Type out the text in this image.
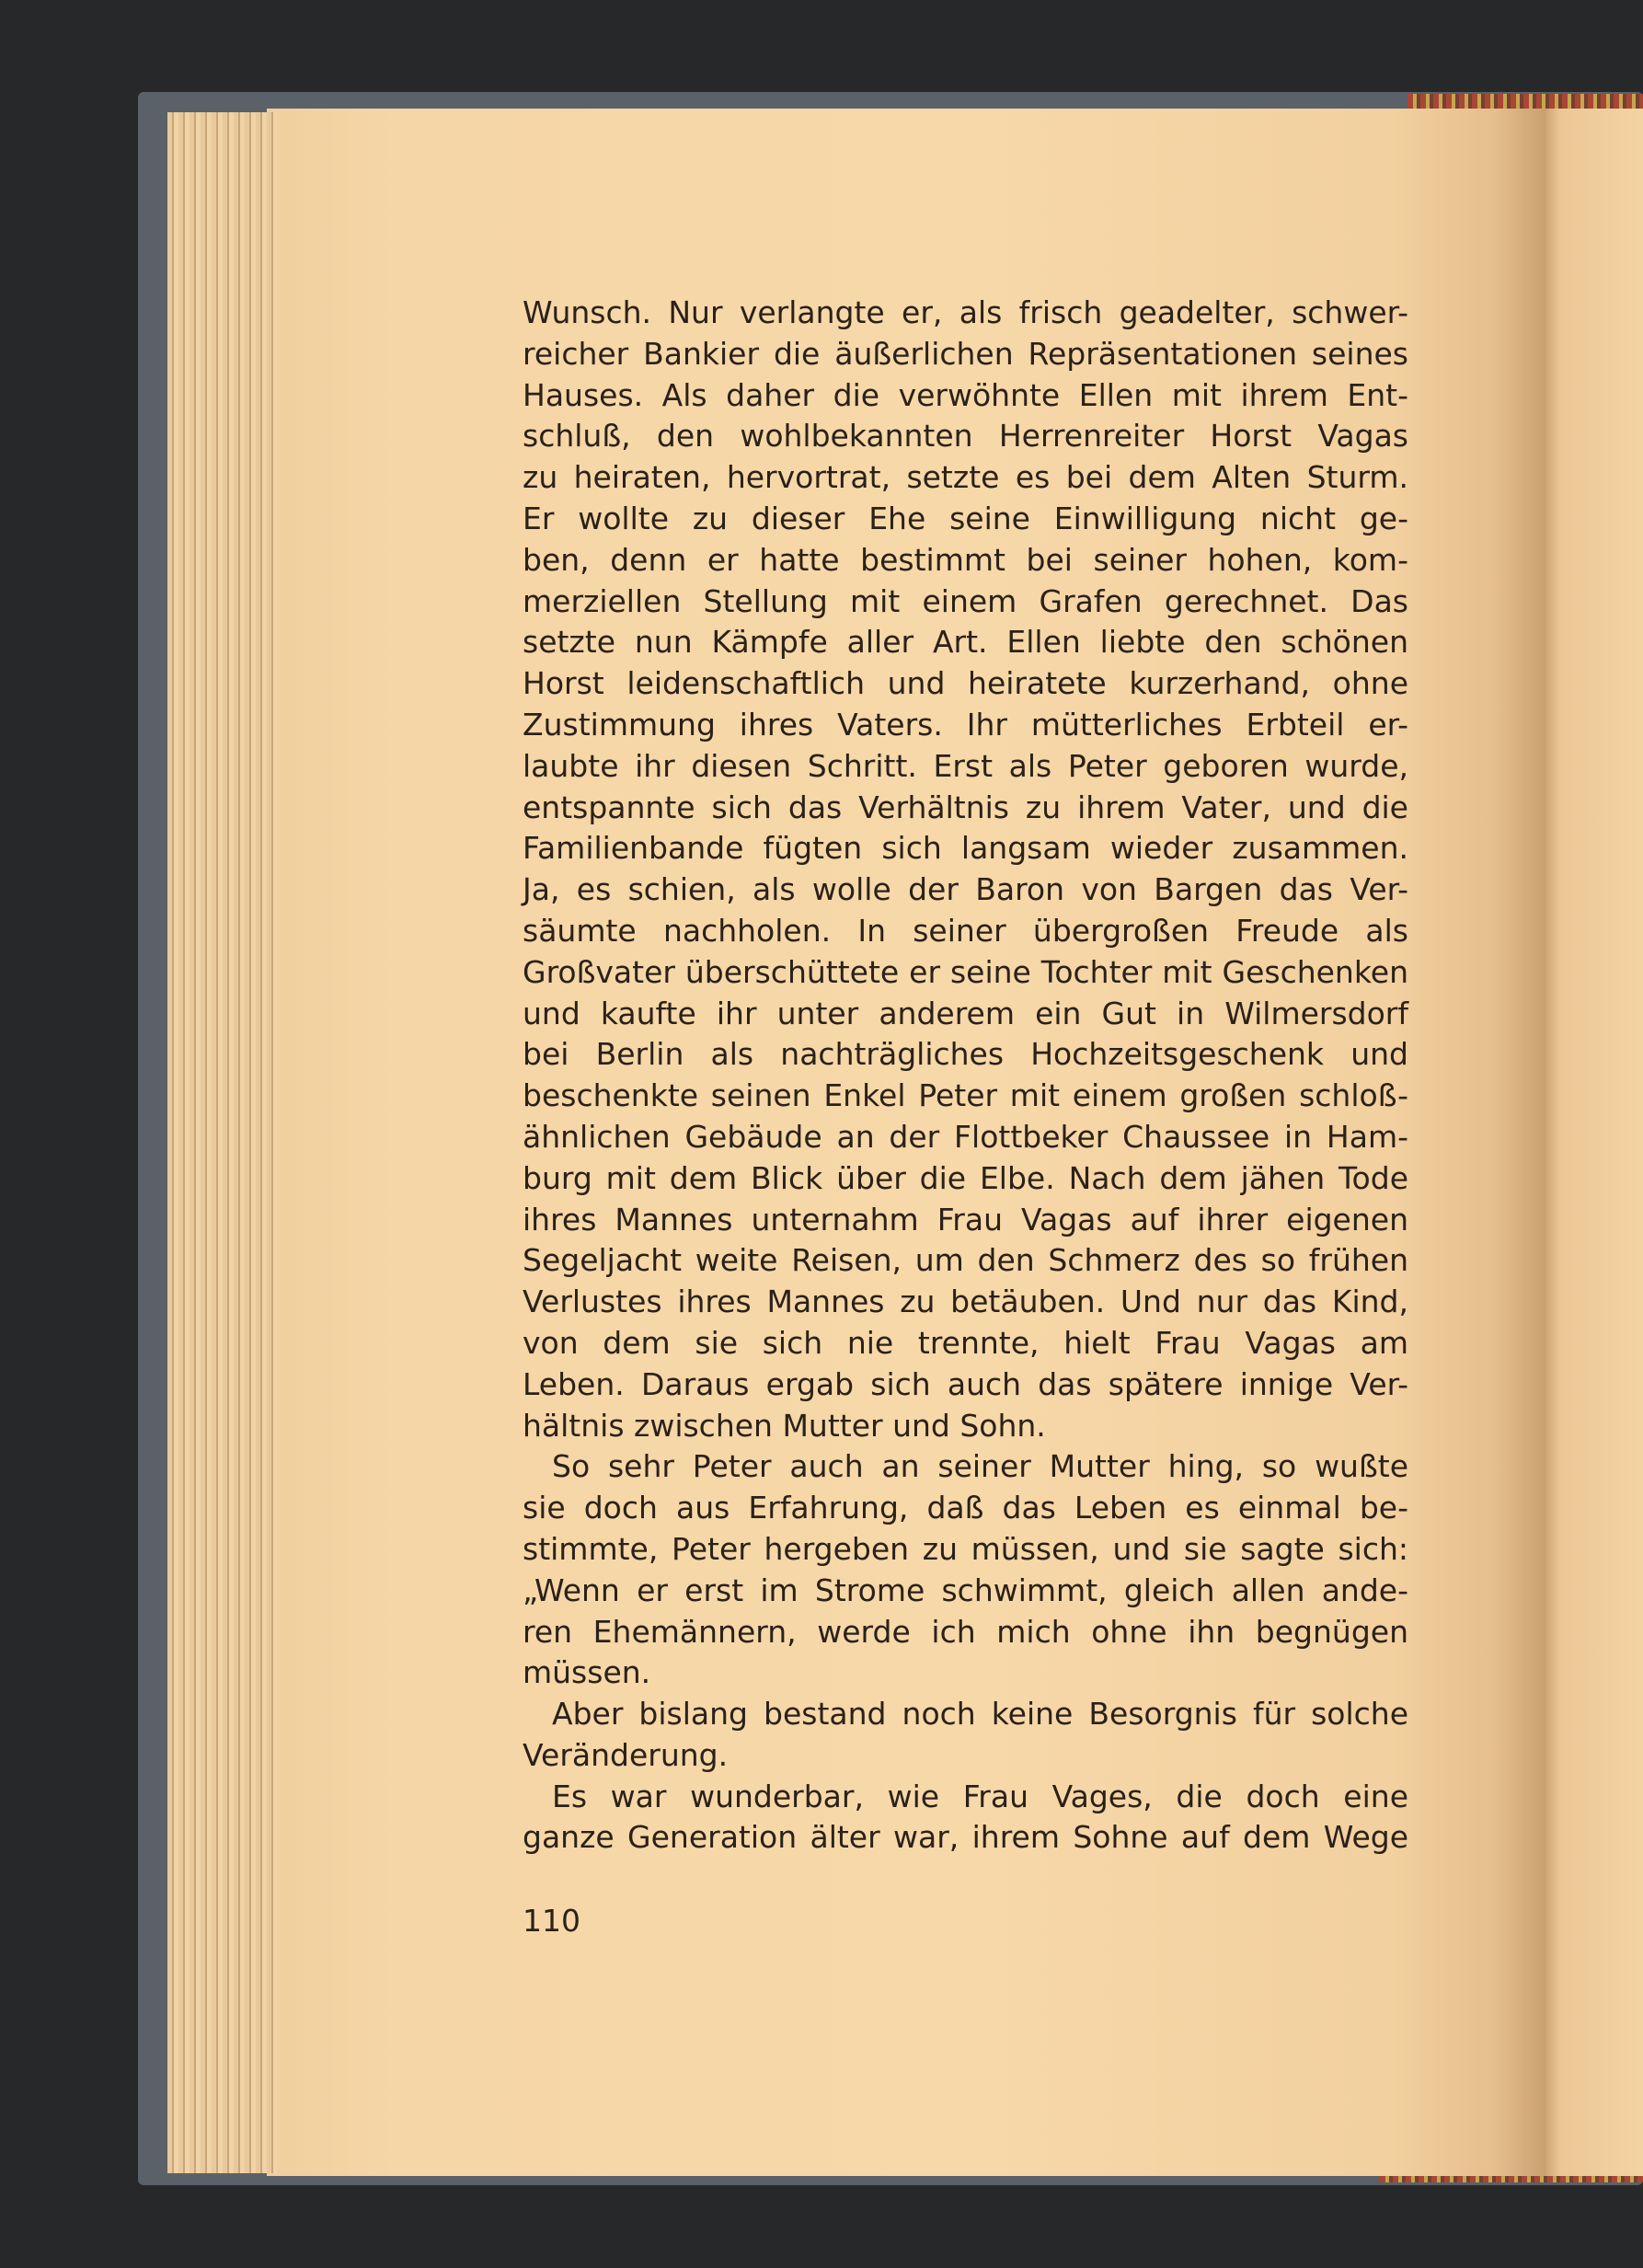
Wunsch. Nur verlangte er, als frisch geadelter, schwer-
reicher Bankier die äußerlichen Repräsentationen seines
Hauses. Als daher die verwöhnte Ellen mit ihrem Ent-
schluß, den wohlbekannten Herrenreiter Horst Vagas
zu heiraten, hervortrat, setzte es bei dem Alten Sturm.
Er wollte zu dieser Ehe seine Einwilligung nicht ge-
ben, denn er hatte bestimmt bei seiner hohen, kom-
merziellen Stellung mit einem Grafen gerechnet. Das
setzte nun Kämpfe aller Art. Ellen liebte den schönen
Horst leidenschaftlich und heiratete kurzerhand, ohne
Zustimmung ihres Vaters. Ihr mütterliches Erbteil er-
laubte ihr diesen Schritt. Erst als Peter geboren wurde,
entspannte sich das Verhältnis zu ihrem Vater, und die
Familienbande fügten sich langsam wieder zusammen.
Ja, es schien, als wolle der Baron von Bargen das Ver-
säumte nachholen. In seiner übergroßen Freude als
Großvater überschüttete er seine Tochter mit Geschenken
und kaufte ihr unter anderem ein Gut in Wilmersdorf
bei Berlin als nachträgliches Hochzeitsgeschenk und
beschenkte seinen Enkel Peter mit einem großen schloß-
ähnlichen Gebäude an der Flottbeker Chaussee in Ham-
burg mit dem Blick über die Elbe. Nach dem jähen Tode
ihres Mannes unternahm Frau Vagas auf ihrer eigenen
Segeljacht weite Reisen, um den Schmerz des so frühen
Verlustes ihres Mannes zu betäuben. Und nur das Kind,
von dem sie sich nie trennte, hielt Frau Vagas am
Leben. Daraus ergab sich auch das spätere innige Ver-
hältnis zwischen Mutter und Sohn.
So sehr Peter auch an seiner Mutter hing, so wußte
sie doch aus Erfahrung, daß das Leben es einmal be-
stimmte, Peter hergeben zu müssen, und sie sagte sich:
„Wenn er erst im Strome schwimmt, gleich allen ande-
ren Ehemännern, werde ich mich ohne ihn begnügen
müssen.
Aber bislang bestand noch keine Besorgnis für solche
Veränderung.
Es war wunderbar, wie Frau Vages, die doch eine
ganze Generation älter war, ihrem Sohne auf dem Wege
110
